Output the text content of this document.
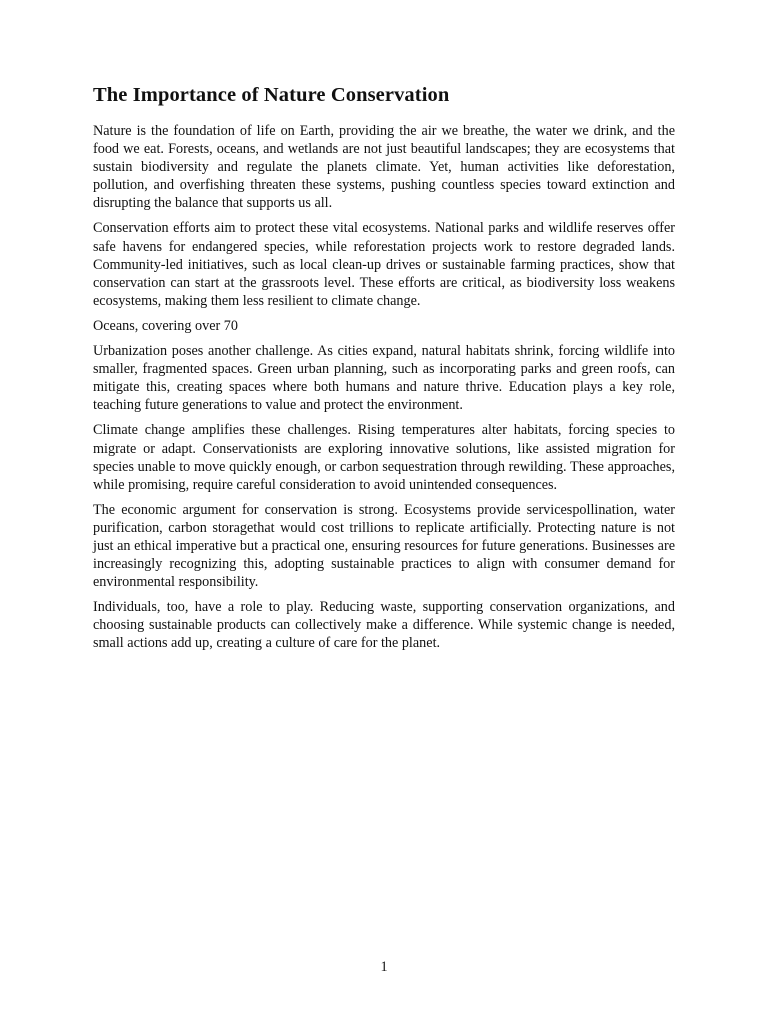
The Importance of Nature Conservation

Nature is the foundation of life on Earth, providing the air we breathe, the water we drink, and the food we eat. Forests, oceans, and wetlands are not just beautiful landscapes; they are ecosystems that sustain biodiversity and regulate the planets climate. Yet, human activities like deforestation, pollution, and overfishing threaten these systems, pushing countless species toward extinction and disrupting the balance that supports us all.

Conservation efforts aim to protect these vital ecosystems. National parks and wildlife reserves offer safe havens for endangered species, while reforestation projects work to restore degraded lands. Community-led initiatives, such as local clean-up drives or sustainable farming practices, show that conservation can start at the grassroots level. These efforts are critical, as biodiversity loss weakens ecosystems, making them less resilient to climate change.

Oceans, covering over 70

Urbanization poses another challenge. As cities expand, natural habitats shrink, forcing wildlife into smaller, fragmented spaces. Green urban planning, such as incorporating parks and green roofs, can mitigate this, creating spaces where both humans and nature thrive. Education plays a key role, teaching future generations to value and protect the environment.

Climate change amplifies these challenges. Rising temperatures alter habitats, forcing species to migrate or adapt. Conservationists are exploring innovative solutions, like assisted migration for species unable to move quickly enough, or carbon sequestration through rewilding. These approaches, while promising, require careful consideration to avoid unintended consequences.

The economic argument for conservation is strong. Ecosystems provide servicespollination, water purification, carbon storagethat would cost trillions to replicate artificially. Protecting nature is not just an ethical imperative but a practical one, ensuring resources for future generations. Businesses are increasingly recognizing this, adopting sustainable practices to align with consumer demand for environmental responsibility.

Individuals, too, have a role to play. Reducing waste, supporting conservation organizations, and choosing sustainable products can collectively make a difference. While systemic change is needed, small actions add up, creating a culture of care for the planet.

1
